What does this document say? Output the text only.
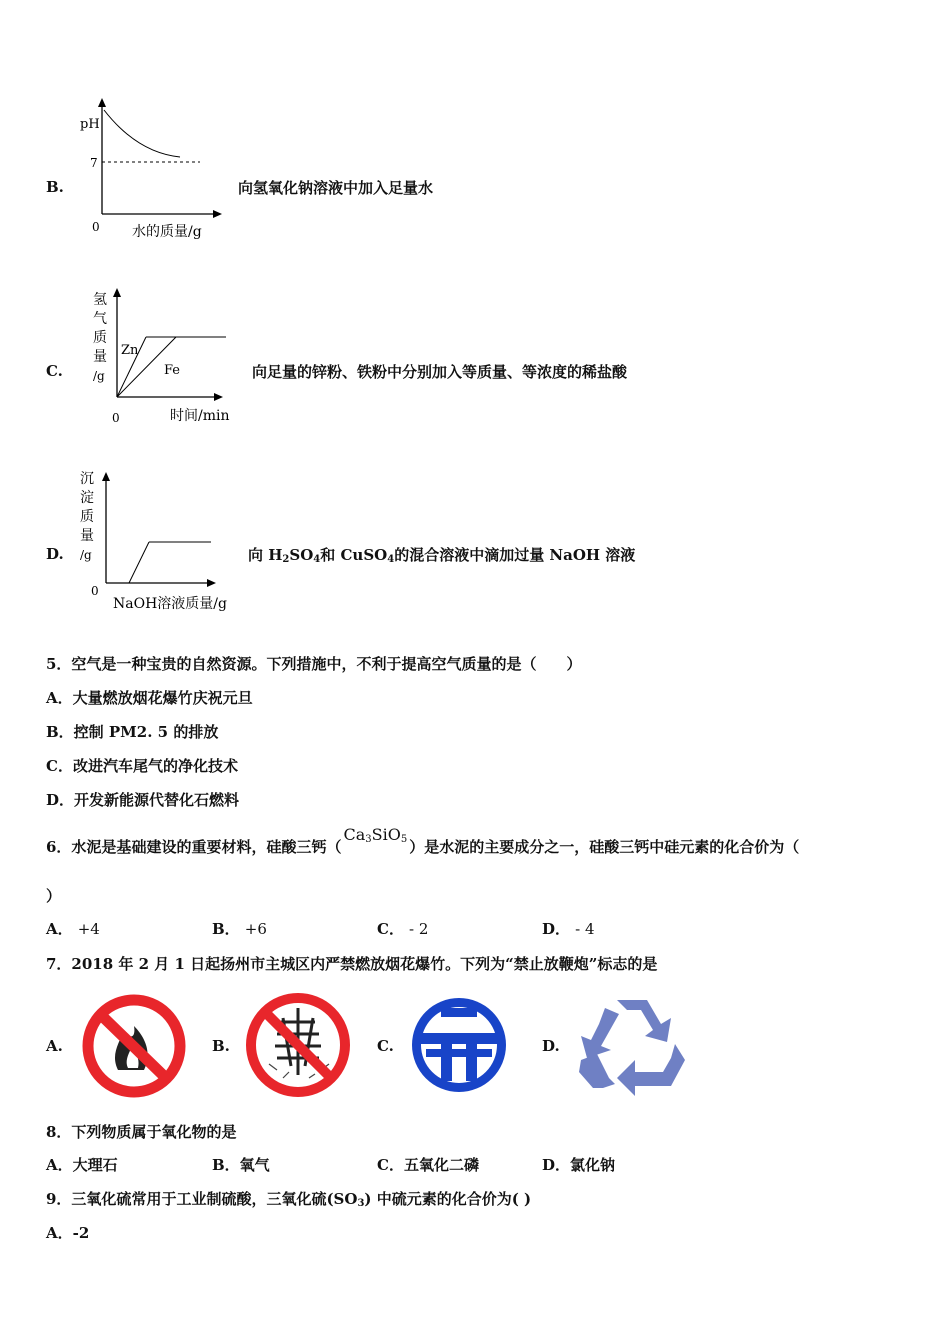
B.
pH
7
0 水的质量/g
向氢氧化钠溶液中加入足量水
C.
氢
气
质
量
/g
Zn
Fe
0	时间/min
向足量的锌粉、铁粉中分别加入等质量、等浓度的稀盐酸
D.
沉
淀
质
量
/g
0
NaOH溶液质量/g
向 $H_2SO_4$和 CuSO$_4$的混合溶液中滴加过量 NaOH 溶液
5．空气是一种宝贵的自然资源。下列措施中，不利于提高空气质量的是（　　）
A．大量燃放烟花爆竹庆祝元旦
B．控制 PM2. 5 的排放
C．改进汽车尾气的净化技术
D．开发新能源代替化石燃料
6．水泥是基础建设的重要材料，硅酸三钙（$Ca_3SiO_5$ ）是水泥的主要成分之一，硅酸三钙中硅元素的化合价为（
）
A． +4	B． +6	C． - 2	D． - 4
7．2018 年 2 月 1 日起扬州市主城区内严禁燃放烟花爆竹。下列为“禁止放鞭炮”标志的是
A.	B.	C.	D.
8．下列物质属于氧化物的是
A．大理石	B．氧气	C．五氧化二磷	D．氯化钠
9．三氧化硫常用于工业制硫酸，三氧化硫$(SO_3)$ 中硫元素的化合价为( )
A．-2
